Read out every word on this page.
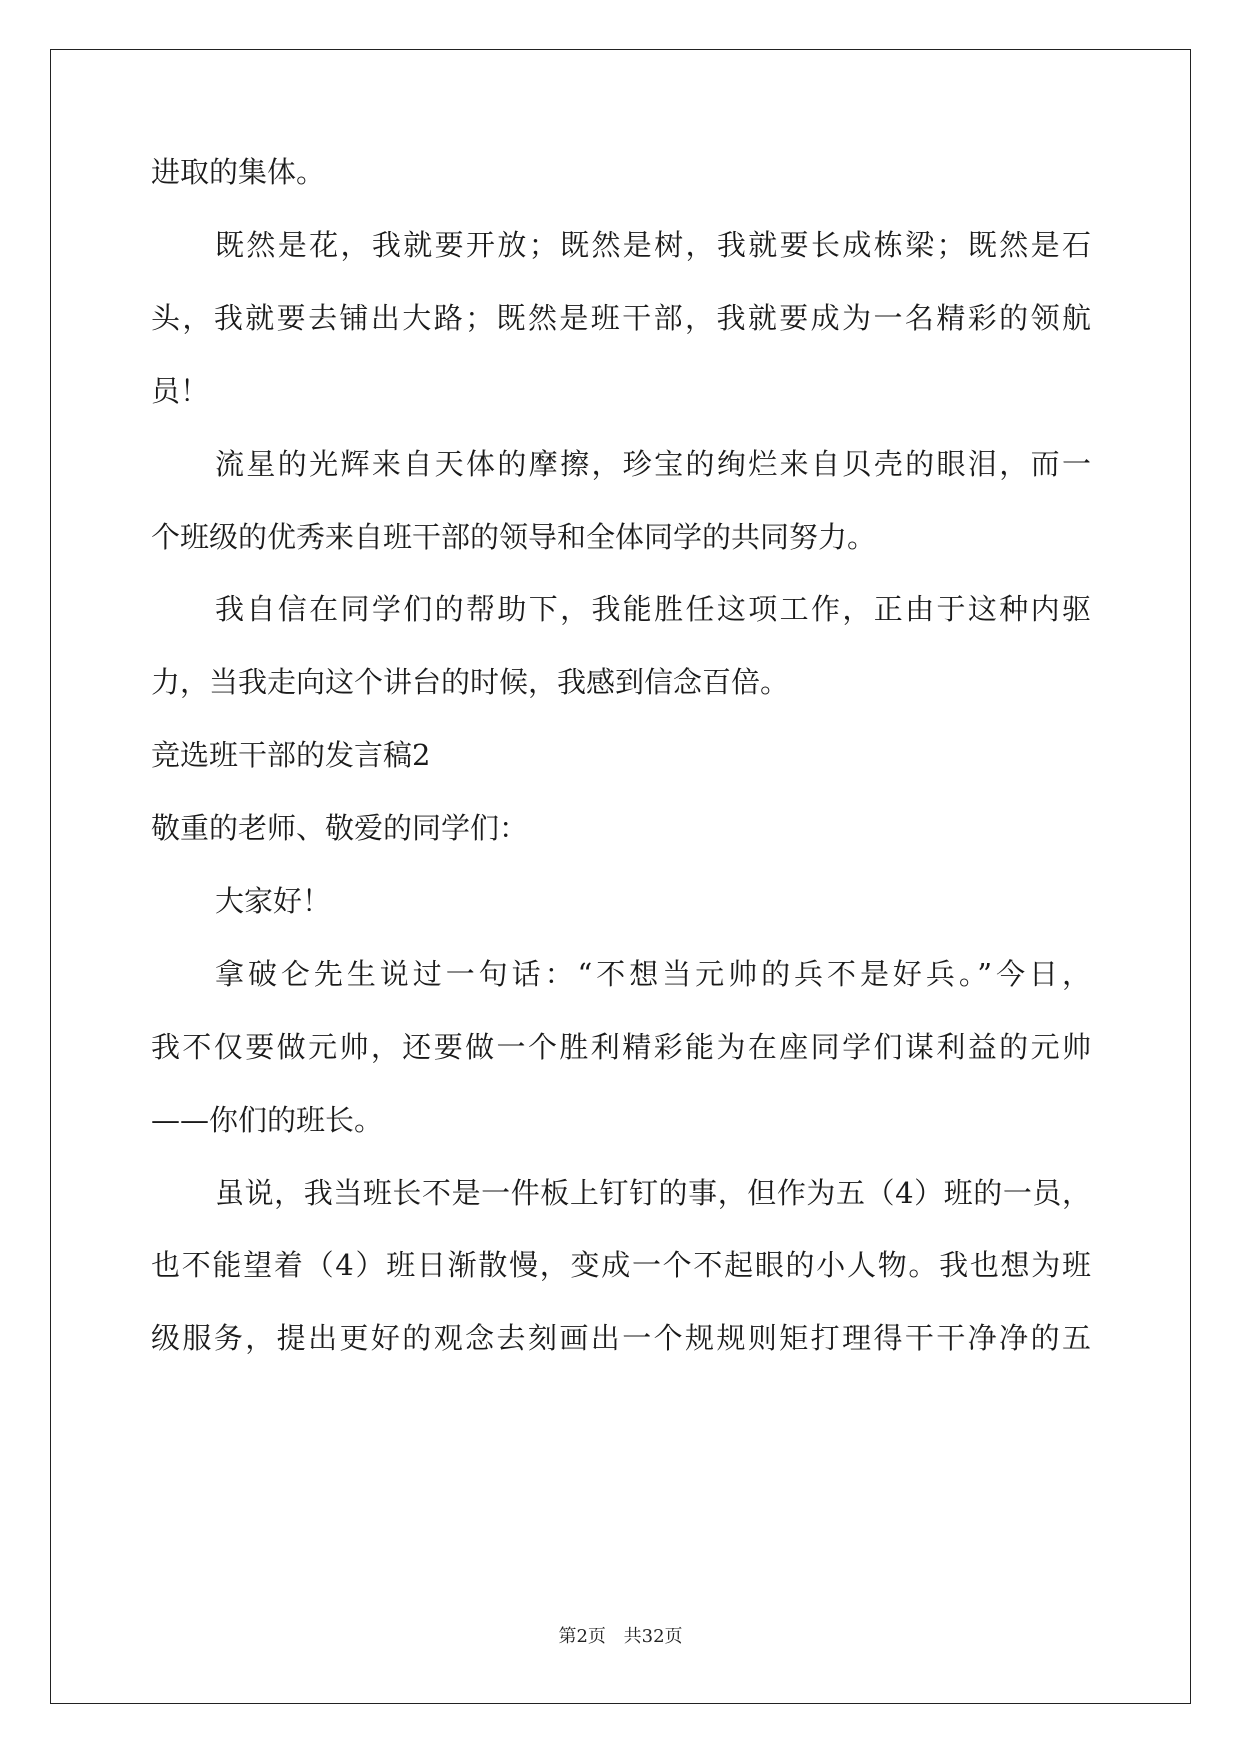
进取的集体。
既然是花，我就要开放；既然是树，我就要长成栋梁；既然是石
头，我就要去铺出大路；既然是班干部，我就要成为一名精彩的领航
员！
流星的光辉来自天体的摩擦，珍宝的绚烂来自贝壳的眼泪，而一
个班级的优秀来自班干部的领导和全体同学的共同努力。
我自信在同学们的帮助下，我能胜任这项工作，正由于这种内驱
力，当我走向这个讲台的时候，我感到信念百倍。
竞选班干部的发言稿2
敬重的老师、敬爱的同学们：
大家好！
拿破仑先生说过一句话：“不想当元帅的兵不是好兵。”今日，
我不仅要做元帅，还要做一个胜利精彩能为在座同学们谋利益的元帅
——你们的班长。
虽说，我当班长不是一件板上钉钉的事，但作为五（4）班的一员，
也不能望着（4）班日渐散慢，变成一个不起眼的小人物。我也想为班
级服务，提出更好的观念去刻画出一个规规则矩打理得干干净净的五
第2页 共32页
